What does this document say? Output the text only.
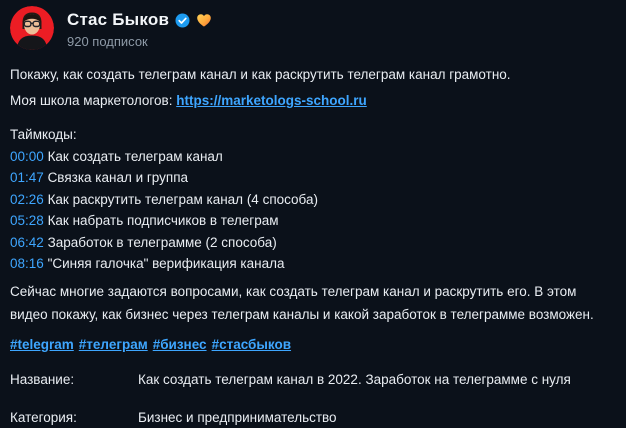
Стас Быков
920 подписок
Покажу, как создать телеграм канал и как раскрутить телеграм канал грамотно.
Моя школа маркетологов: https://marketologs-school.ru
Таймкоды:
00:00 Как создать телеграм канал
01:47 Связка канал и группа
02:26 Как раскрутить телеграм канал (4 способа)
05:28 Как набрать подписчиков в телеграм
06:42 Заработок в телеграмме (2 способа)
08:16 "Синяя галочка" верификация канала
Сейчас многие задаются вопросами, как создать телеграм канал и раскрутить его. В этом видео покажу, как бизнес через телеграм каналы и какой заработок в телеграмме возможен.
#telegram #телеграм #бизнес #стасбыков
Название:	Как создать телеграм канал в 2022. Заработок на телеграмме с нуля
Категория:	Бизнес и предпринимательство
